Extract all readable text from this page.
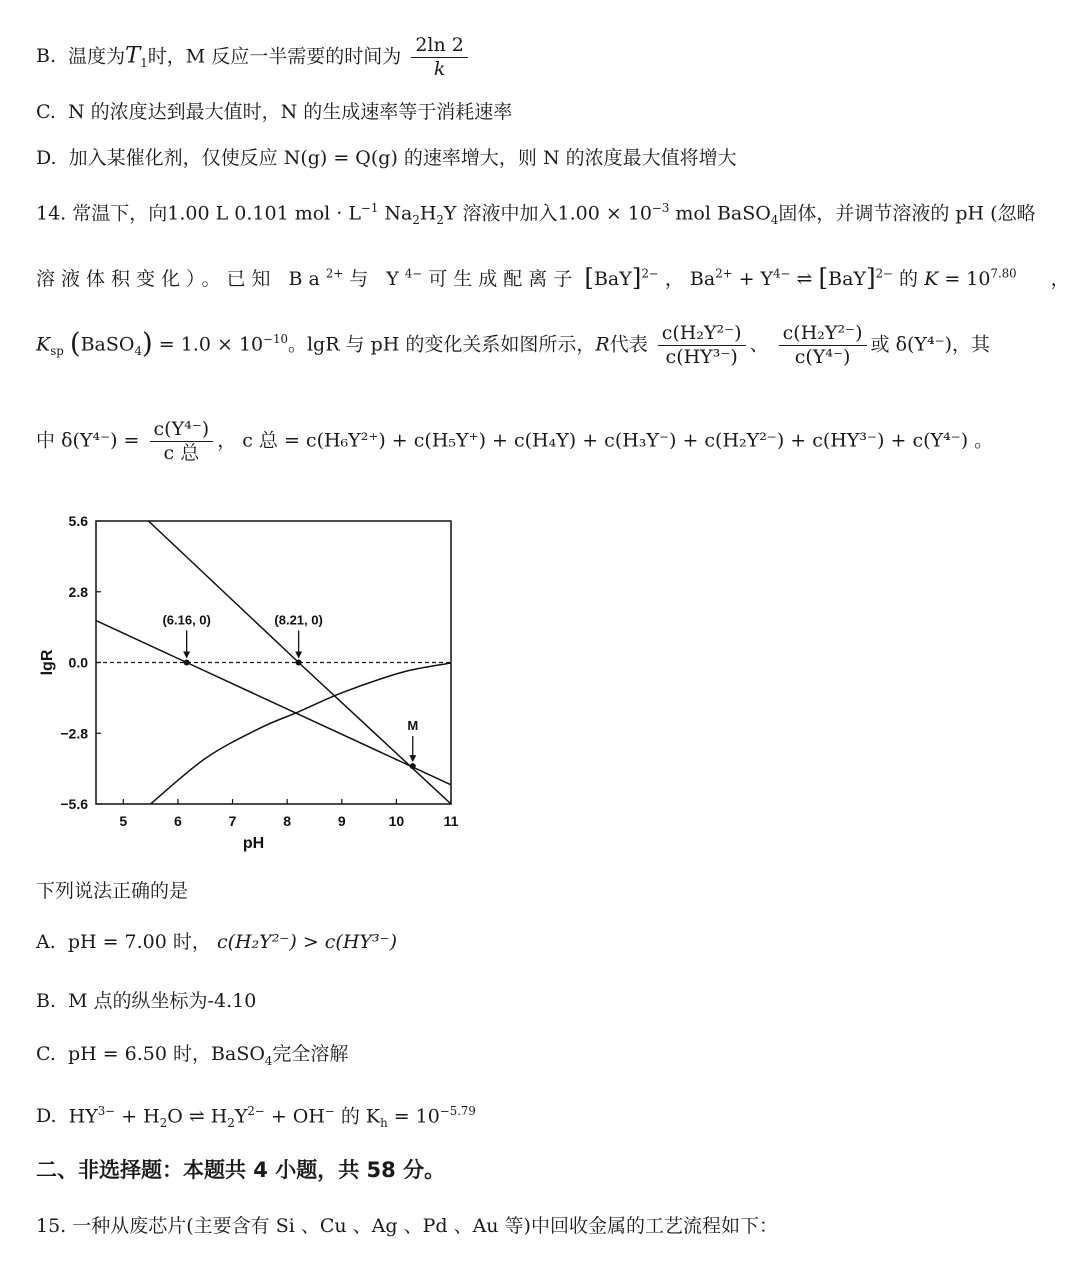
B. 温度为$T_1$时，M 反应一半需要的时间为 $\frac{2\ln 2}{k}$
C. N 的浓度达到最大值时，N 的生成速率等于消耗速率
D. 加入某催化剂，仅使反应 N(g) = Q(g) 的速率增大，则 N 的浓度最大值将增大
14. 常温下，向1.00 L 0.101 mol · $L^{-1}$ $Na_2H_2Y$ 溶液中加入$1.00 \times 10^{-3}$ mol BaSO$_4$固体，并调节溶液的 pH (忽略
溶液体积变化）。已知 $Ba^{2+}$ 与 $Y^{4-}$ 可生成配离子 [BaY]$^{2-}$ ， $Ba^{2+} + Y^{4-}$ ⇌ [BaY]$^{2-}$ 的 $K = 10^{7.80}$ ，
$K_{sp}$ (BaSO$_4$) = $1.0 \times 10^{-10}$。lgR 与 pH 的变化关系如图所示，R代表 $\frac{\text{c(H₂Y²⁻)}}{\text{c(HY³⁻)}}$ 、 $\frac{\text{c(H₂Y²⁻)}}{\text{c(Y⁴⁻)}}$ 或 δ(Y⁴⁻)，其
中 $\delta(Y^{4-}) = \frac{\text{c(Y⁴⁻)}}{\text{c 总}}$ ， c 总 = c(H₆Y²⁺) + c(H₅Y⁺) + c(H₄Y) + c(H₃Y⁻) + c(H₂Y²⁻) + c(HY³⁻) + c(Y⁴⁻) 。
5.6
2.8
0.0
−2.8
−5.6
5	6	7	8	9	10	11
pH
lgR
(6.16, 0)	(8.21, 0)
M
下列说法正确的是
A. pH = 7.00 时， c(H₂Y²⁻) > c(HY³⁻)
B. M 点的纵坐标为-4.10
C. pH = 6.50 时，BaSO$_4$完全溶解
D. $HY^{3-} + H_2O$ ⇌ $H_2Y^{2-} + OH^-$ 的 $K_h = 10^{-5.79}$
二、非选择题：本题共 4 小题，共 58 分。
15. 一种从废芯片(主要含有 Si 、Cu 、Ag 、Pd 、Au 等)中回收金属的工艺流程如下：
